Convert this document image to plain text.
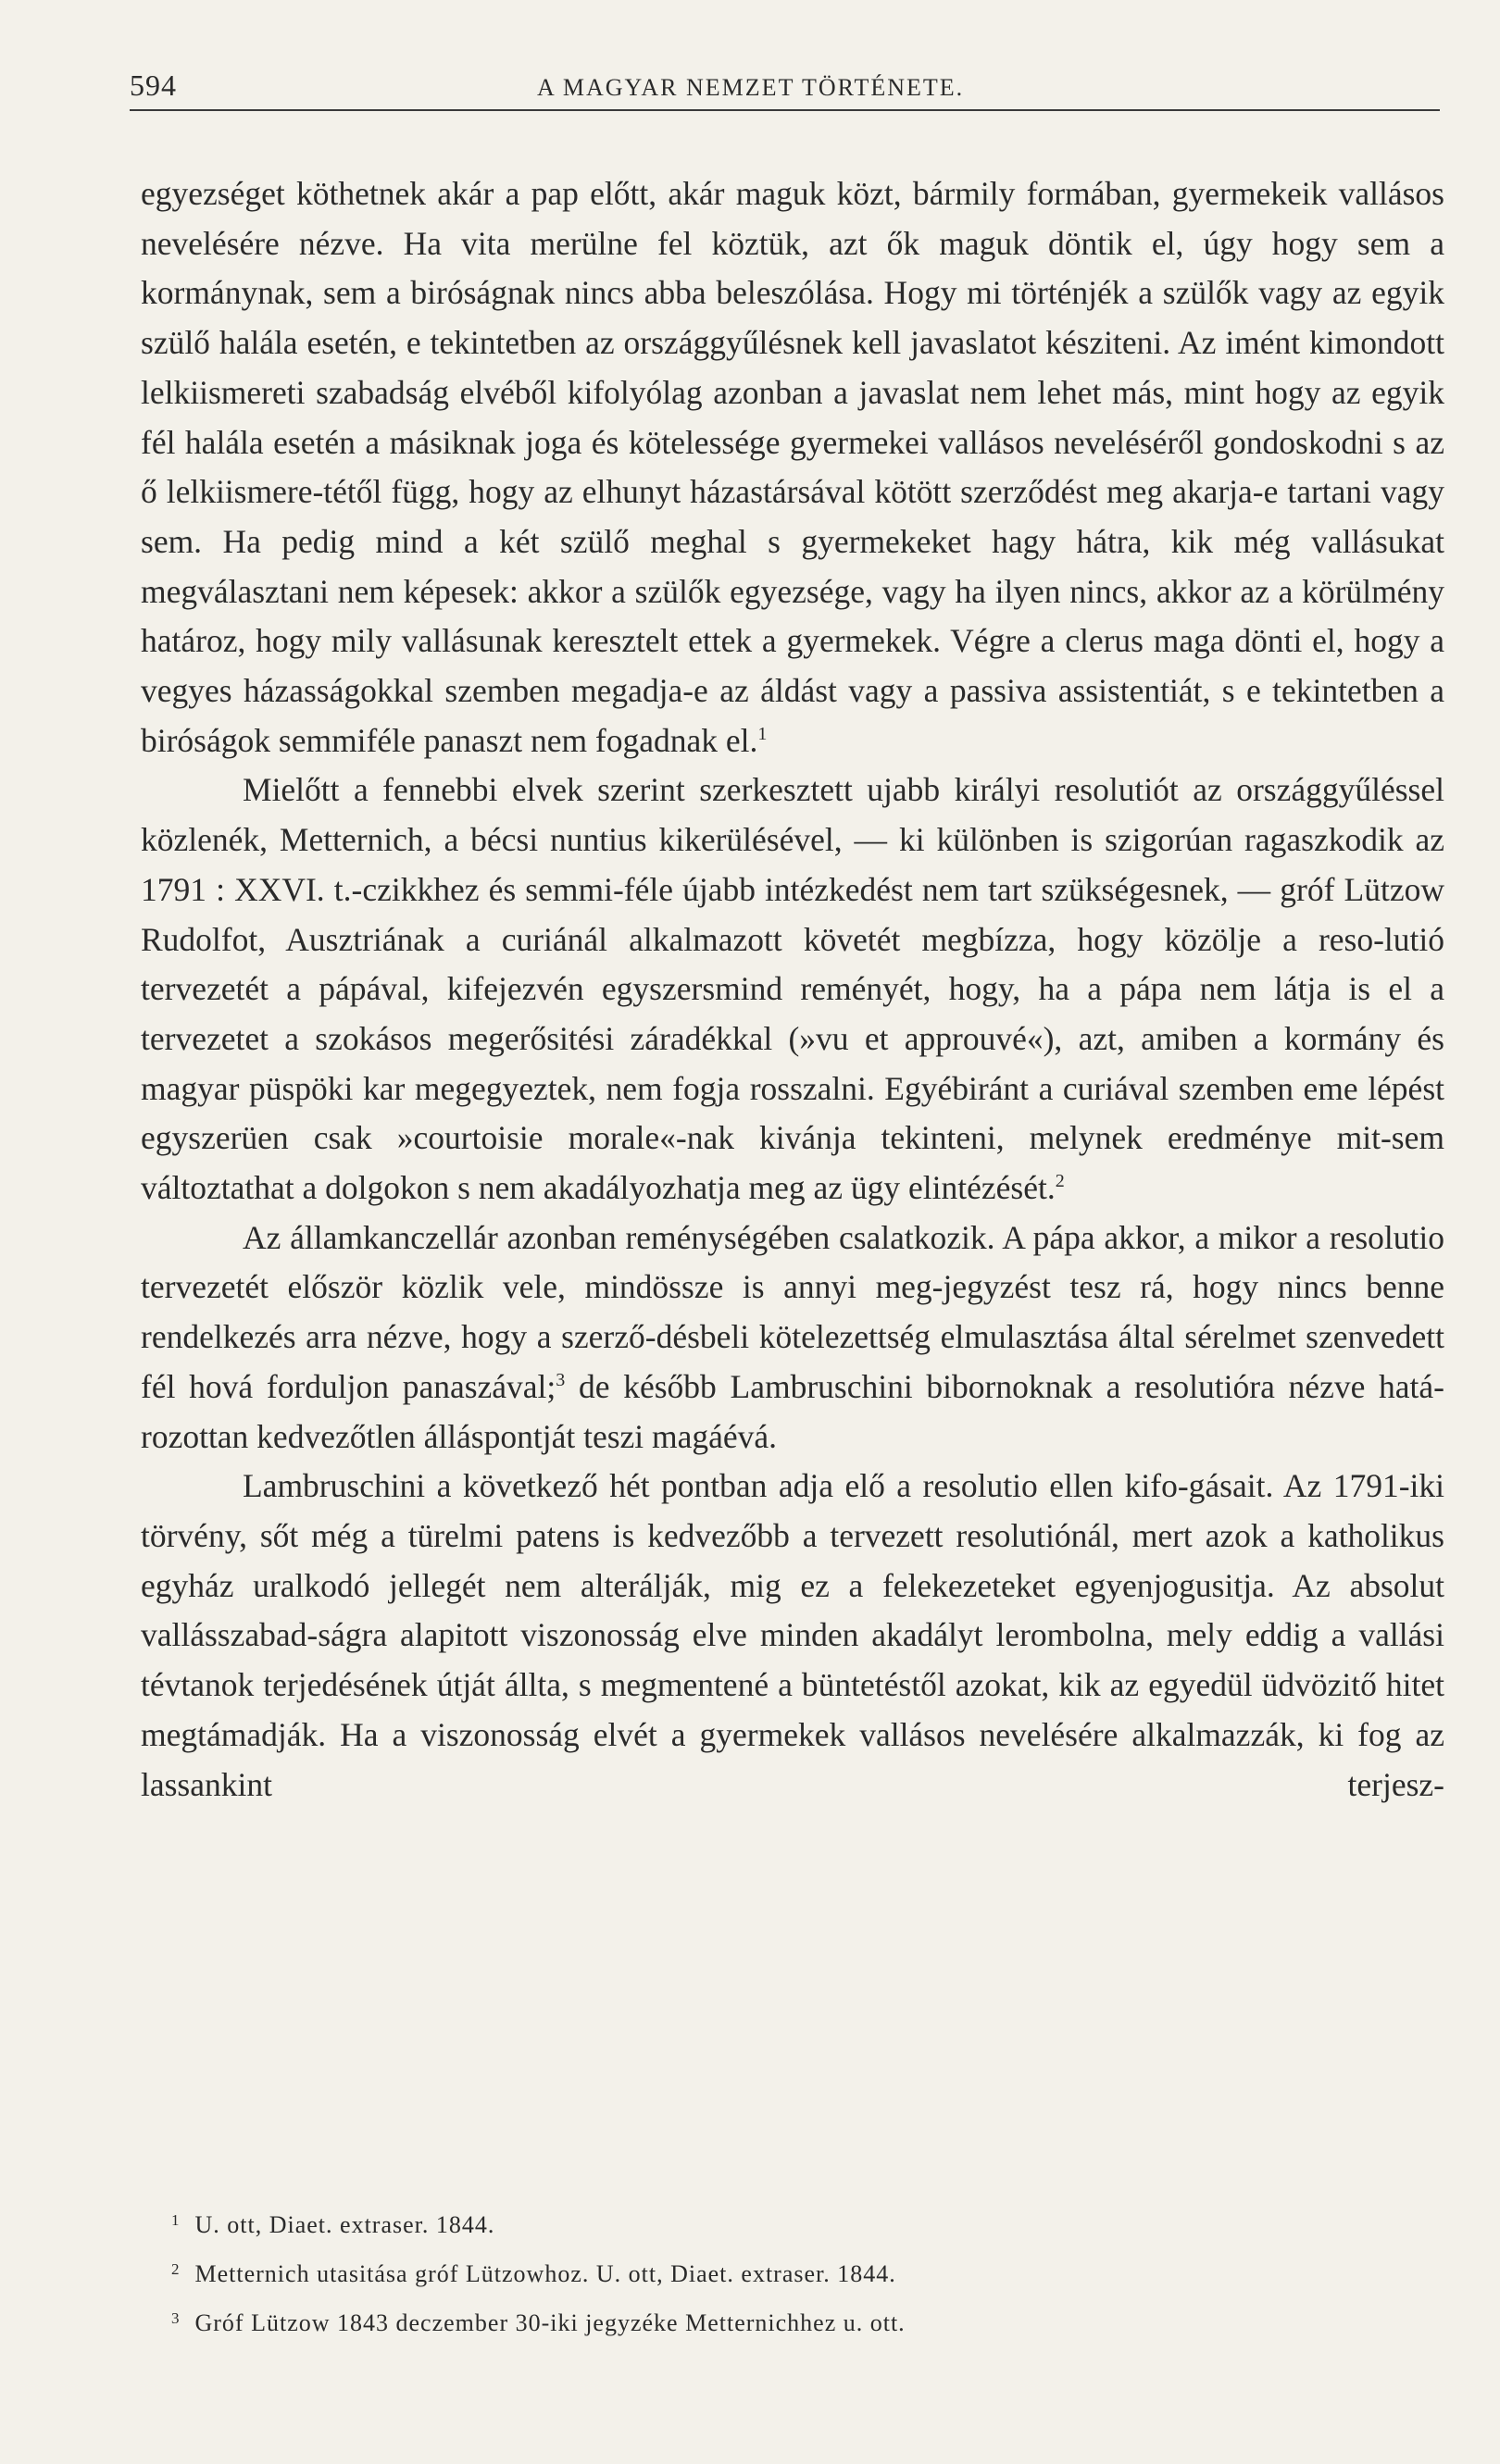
594	A MAGYAR NEMZET TÖRTÉNETE.

egyezséget köthetnek akár a pap előtt, akár maguk közt, bármily formában, gyermekeik vallásos nevelésére nézve. Ha vita merülne fel köztük, azt ők maguk döntik el, úgy hogy sem a kormánynak, sem a biróságnak nincs abba beleszólása. Hogy mi történjék a szülők vagy az egyik szülő halála esetén, e tekintetben az országgyűlésnek kell javaslatot késziteni. Az imént kimondott lelkiismereti szabadság elvéből kifolyólag azonban a javaslat nem lehet más, mint hogy az egyik fél halála esetén a másiknak joga és kötelessége gyermekei vallásos neveléséről gondoskodni s az ő lelkiismere-tétől függ, hogy az elhunyt házastársával kötött szerződést meg akarja-e tartani vagy sem. Ha pedig mind a két szülő meghal s gyermekeket hagy hátra, kik még vallásukat megválasztani nem képesek: akkor a szülők egyezsége, vagy ha ilyen nincs, akkor az a körülmény határoz, hogy mily vallásunak keresztelt ettek a gyermekek. Végre a clerus maga dönti el, hogy a vegyes házasságokkal szemben megadja-e az áldást vagy a passiva assistentiát, s e tekintetben a biróságok semmiféle panaszt nem fogadnak el.$^1$

Mielőtt a fennebbi elvek szerint szerkesztett ujabb királyi resolutiót az országgyűléssel közlenék, Metternich, a bécsi nuntius kikerülésével, — ki különben is szigorúan ragaszkodik az 1791 : XXVI. t.-czikkhez és semmi-féle újabb intézkedést nem tart szükségesnek, — gróf Lützow Rudolfot, Ausztriának a curiánál alkalmazott követét megbízza, hogy közölje a reso-lutió tervezetét a pápával, kifejezvén egyszersmind reményét, hogy, ha a pápa nem látja is el a tervezetet a szokásos megerősitési záradékkal (»vu et approuvé«), azt, amiben a kormány és magyar püspöki kar megegyeztek, nem fogja rosszalni. Egyébiránt a curiával szemben eme lépést egyszerüen csak »courtoisie morale«-nak kivánja tekinteni, melynek eredménye mit-sem változtathat a dolgokon s nem akadályozhatja meg az ügy elintézését.$^2$

Az államkanczellár azonban reménységében csalatkozik. A pápa akkor, a mikor a resolutio tervezetét először közlik vele, mindössze is annyi meg-jegyzést tesz rá, hogy nincs benne rendelkezés arra nézve, hogy a szerző-désbeli kötelezettség elmulasztása által sérelmet szenvedett fél hová forduljon panaszával;$^3$ de később Lambruschini bibornoknak a resolutióra nézve hatá-rozottan kedvezőtlen álláspontját teszi magáévá.

Lambruschini a következő hét pontban adja elő a resolutio ellen kifo-gásait. Az 1791-iki törvény, sőt még a türelmi patens is kedvezőbb a tervezett resolutiónál, mert azok a katholikus egyház uralkodó jellegét nem alterálják, mig ez a felekezeteket egyenjogusitja. Az absolut vallásszabad-ságra alapitott viszonosság elve minden akadályt lerombolna, mely eddig a vallási tévtanok terjedésének útját állta, s megmentené a büntetéstől azokat, kik az egyedül üdvözitő hitet megtámadják. Ha a viszonosság elvét a gyermekek vallásos nevelésére alkalmazzák, ki fog az lassankint terjesz-

$^1$ U. ott, Diaet. extraser. 1844.
$^2$ Metternich utasitása gróf Lützowhoz. U. ott, Diaet. extraser. 1844.
$^3$ Gróf Lützow 1843 deczember 30-iki jegyzéke Metternichhez u. ott.
